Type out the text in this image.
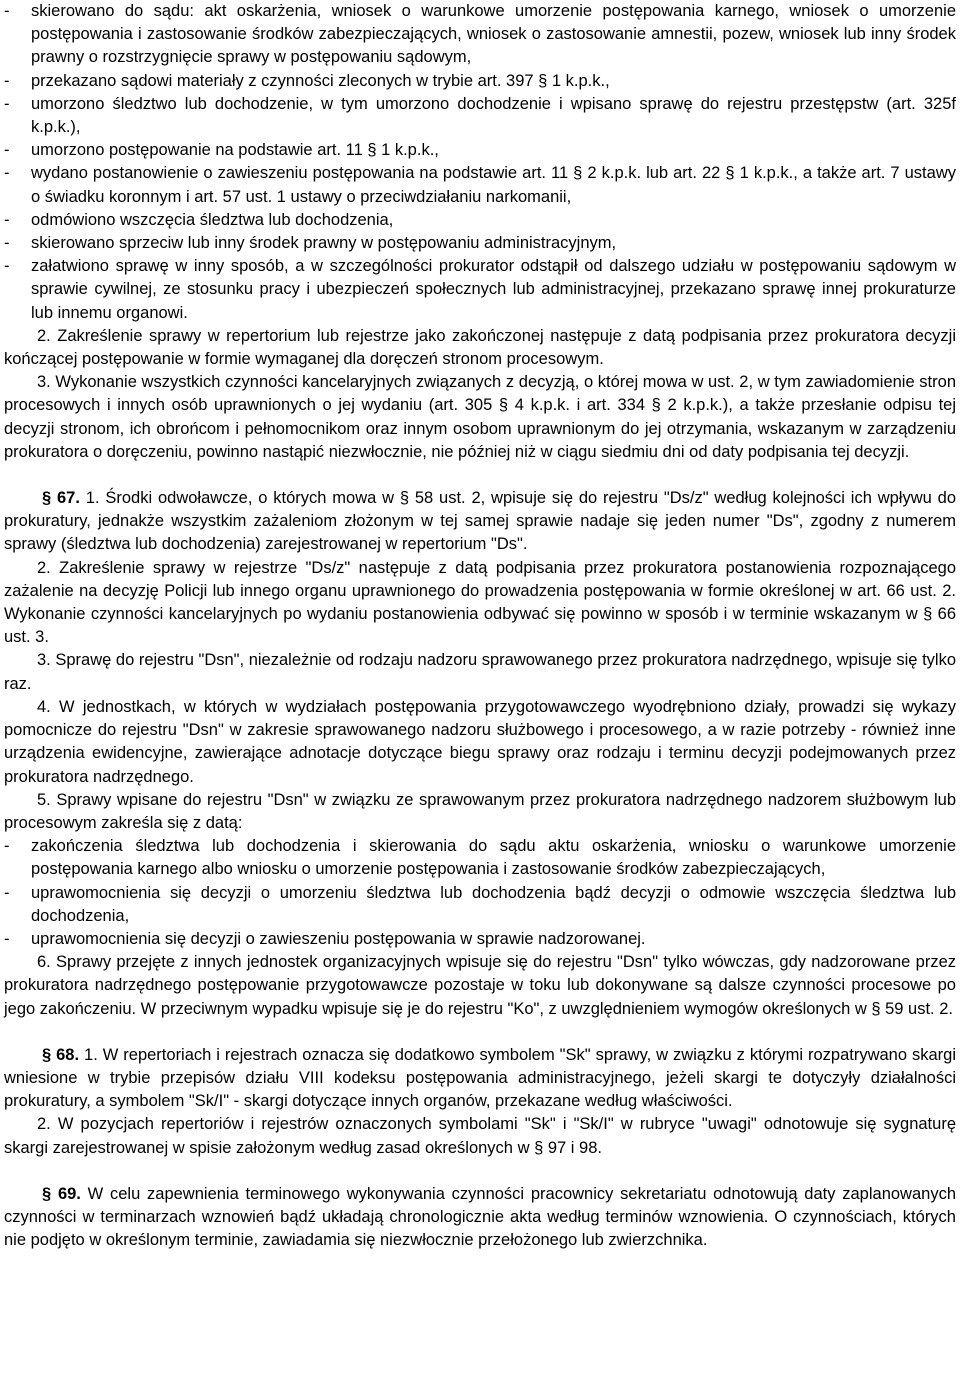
-	skierowano do sądu: akt oskarżenia, wniosek o warunkowe umorzenie postępowania karnego, wniosek o umorzenie postępowania i zastosowanie środków zabezpieczających, wniosek o zastosowanie amnestii, pozew, wniosek lub inny środek prawny o rozstrzygnięcie sprawy w postępowaniu sądowym,
-	przekazano sądowi materiały z czynności zleconych w trybie art. 397 § 1 k.p.k.,
-	umorzono śledztwo lub dochodzenie, w tym umorzono dochodzenie i wpisano sprawę do rejestru przestępstw (art. 325f k.p.k.),
-	umorzono postępowanie na podstawie art. 11 § 1 k.p.k.,
-	wydano postanowienie o zawieszeniu postępowania na podstawie art. 11 § 2 k.p.k. lub art. 22 § 1 k.p.k., a także art. 7 ustawy o świadku koronnym i art. 57 ust. 1 ustawy o przeciwdziałaniu narkomanii,
-	odmówiono wszczęcia śledztwa lub dochodzenia,
-	skierowano sprzeciw lub inny środek prawny w postępowaniu administracyjnym,
-	załatwiono sprawę w inny sposób, a w szczególności prokurator odstąpił od dalszego udziału w postępowaniu sądowym w sprawie cywilnej, ze stosunku pracy i ubezpieczeń społecznych lub administracyjnej, przekazano sprawę innej prokuraturze lub innemu organowi.

2. Zakreślenie sprawy w repertorium lub rejestrze jako zakończonej następuje z datą podpisania przez prokuratora decyzji kończącej postępowanie w formie wymaganej dla doręczeń stronom procesowym.

3. Wykonanie wszystkich czynności kancelaryjnych związanych z decyzją, o której mowa w ust. 2, w tym zawiadomienie stron procesowych i innych osób uprawnionych o jej wydaniu (art. 305 § 4 k.p.k. i art. 334 § 2 k.p.k.), a także przesłanie odpisu tej decyzji stronom, ich obrońcom i pełnomocnikom oraz innym osobom uprawnionym do jej otrzymania, wskazanym w zarządzeniu prokuratora o doręczeniu, powinno nastąpić niezwłocznie, nie później niż w ciągu siedmiu dni od daty podpisania tej decyzji.

§ 67. 1. Środki odwoławcze, o których mowa w § 58 ust. 2, wpisuje się do rejestru "Ds/z" według kolejności ich wpływu do prokuratury, jednakże wszystkim zażaleniom złożonym w tej samej sprawie nadaje się jeden numer "Ds", zgodny z numerem sprawy (śledztwa lub dochodzenia) zarejestrowanej w repertorium "Ds".

2. Zakreślenie sprawy w rejestrze "Ds/z" następuje z datą podpisania przez prokuratora postanowienia rozpoznającego zażalenie na decyzję Policji lub innego organu uprawnionego do prowadzenia postępowania w formie określonej w art. 66 ust. 2. Wykonanie czynności kancelaryjnych po wydaniu postanowienia odbywać się powinno w sposób i w terminie wskazanym w § 66 ust. 3.

3. Sprawę do rejestru "Dsn", niezależnie od rodzaju nadzoru sprawowanego przez prokuratora nadrzędnego, wpisuje się tylko raz.

4. W jednostkach, w których w wydziałach postępowania przygotowawczego wyodrębniono działy, prowadzi się wykazy pomocnicze do rejestru "Dsn" w zakresie sprawowanego nadzoru służbowego i procesowego, a w razie potrzeby - również inne urządzenia ewidencyjne, zawierające adnotacje dotyczące biegu sprawy oraz rodzaju i terminu decyzji podejmowanych przez prokuratora nadrzędnego.

5. Sprawy wpisane do rejestru "Dsn" w związku ze sprawowanym przez prokuratora nadrzędnego nadzorem służbowym lub procesowym zakreśla się z datą:

-	zakończenia śledztwa lub dochodzenia i skierowania do sądu aktu oskarżenia, wniosku o warunkowe umorzenie postępowania karnego albo wniosku o umorzenie postępowania i zastosowanie środków zabezpieczających,
-	uprawomocnienia się decyzji o umorzeniu śledztwa lub dochodzenia bądź decyzji o odmowie wszczęcia śledztwa lub dochodzenia,
-	uprawomocnienia się decyzji o zawieszeniu postępowania w sprawie nadzorowanej.

6. Sprawy przejęte z innych jednostek organizacyjnych wpisuje się do rejestru "Dsn" tylko wówczas, gdy nadzorowane przez prokuratora nadrzędnego postępowanie przygotowawcze pozostaje w toku lub dokonywane są dalsze czynności procesowe po jego zakończeniu. W przeciwnym wypadku wpisuje się je do rejestru "Ko", z uwzględnieniem wymogów określonych w § 59 ust. 2.

§ 68. 1. W repertoriach i rejestrach oznacza się dodatkowo symbolem "Sk" sprawy, w związku z którymi rozpatrywano skargi wniesione w trybie przepisów działu VIII kodeksu postępowania administracyjnego, jeżeli skargi te dotyczyły działalności prokuratury, a symbolem "Sk/I" - skargi dotyczące innych organów, przekazane według właściwości.

2. W pozycjach repertoriów i rejestrów oznaczonych symbolami "Sk" i "Sk/I" w rubryce "uwagi" odnotowuje się sygnaturę skargi zarejestrowanej w spisie założonym według zasad określonych w § 97 i 98.

§ 69. W celu zapewnienia terminowego wykonywania czynności pracownicy sekretariatu odnotowują daty zaplanowanych czynności w terminarzach wznowień bądź układają chronologicznie akta według terminów wznowienia. O czynnościach, których nie podjęto w określonym terminie, zawiadamia się niezwłocznie przełożonego lub zwierzchnika.
